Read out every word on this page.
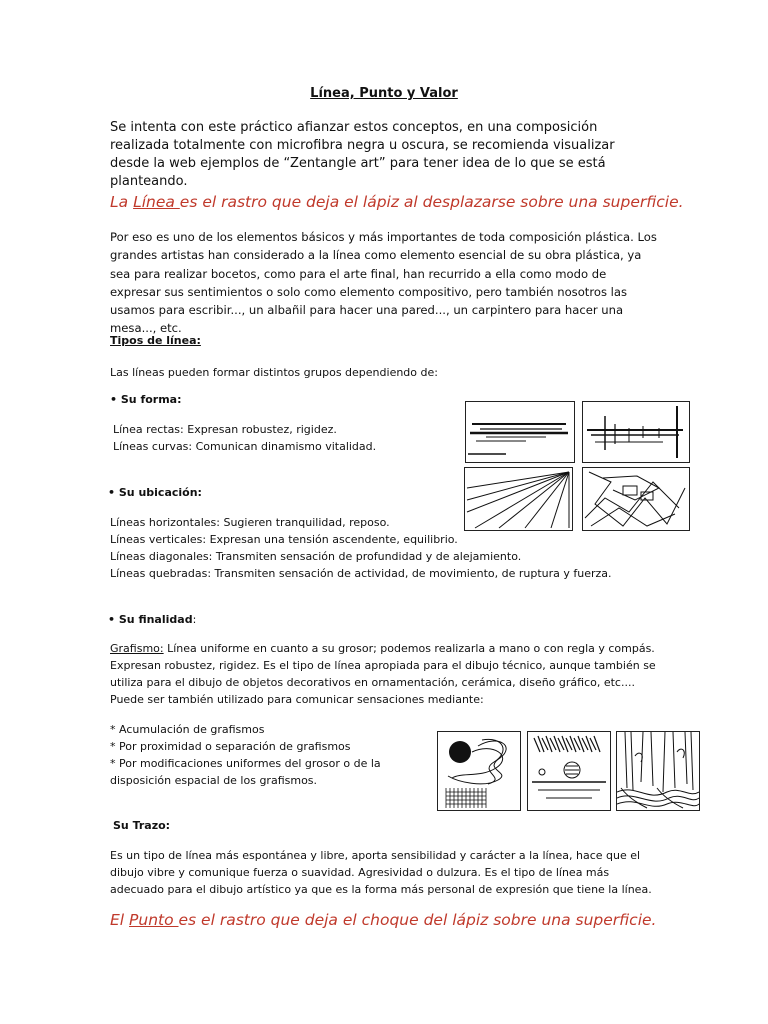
Línea, Punto y Valor
Se intenta con este práctico afianzar estos conceptos, en una composición realizada totalmente con microfibra negra u oscura, se recomienda visualizar desde la web ejemplos de “Zentangle art” para tener idea de lo que se está planteando.
La Línea es el rastro que deja el lápiz al desplazarse sobre una superficie.
Por eso es uno de los elementos básicos y más importantes de toda composición plástica. Los grandes artistas han considerado a la línea como elemento esencial de su obra plástica, ya sea para realizar bocetos, como para el arte final, han recurrido a ella como modo de expresar sus sentimientos o solo como elemento compositivo, pero también nosotros las usamos para escribir..., un albañil para hacer una pared..., un carpintero para hacer una mesa..., etc.
Tipos de línea:
Las líneas pueden formar distintos grupos dependiendo de:
• Su forma:
Línea rectas: Expresan robustez, rigidez.
Líneas curvas: Comunican dinamismo vitalidad.
• Su ubicación:
Líneas horizontales: Sugieren tranquilidad, reposo.
Líneas verticales: Expresan una tensión ascendente, equilibrio.
Líneas diagonales: Transmiten sensación de profundidad y de alejamiento.
Líneas quebradas: Transmiten sensación de actividad, de movimiento, de ruptura y fuerza.
• Su finalidad:
Grafismo: Línea uniforme en cuanto a su grosor; podemos realizarla a mano o con regla y compás. Expresan robustez, rigidez. Es el tipo de línea apropiada para el dibujo técnico, aunque también se utiliza para el dibujo de objetos decorativos en ornamentación, cerámica, diseño gráfico, etc.... Puede ser también utilizado para comunicar sensaciones mediante:
* Acumulación de grafismos
* Por proximidad o separación de grafismos
* Por modificaciones uniformes del grosor o de la disposición espacial de los grafismos.
Su Trazo:
Es un tipo de línea más espontánea y libre, aporta sensibilidad y carácter a la línea, hace que el dibujo vibre y comunique fuerza o suavidad. Agresividad o dulzura. Es el tipo de línea más adecuado para el dibujo artístico ya que es la forma más personal de expresión que tiene la línea.
El Punto es el rastro que deja el choque del lápiz sobre una superficie.
